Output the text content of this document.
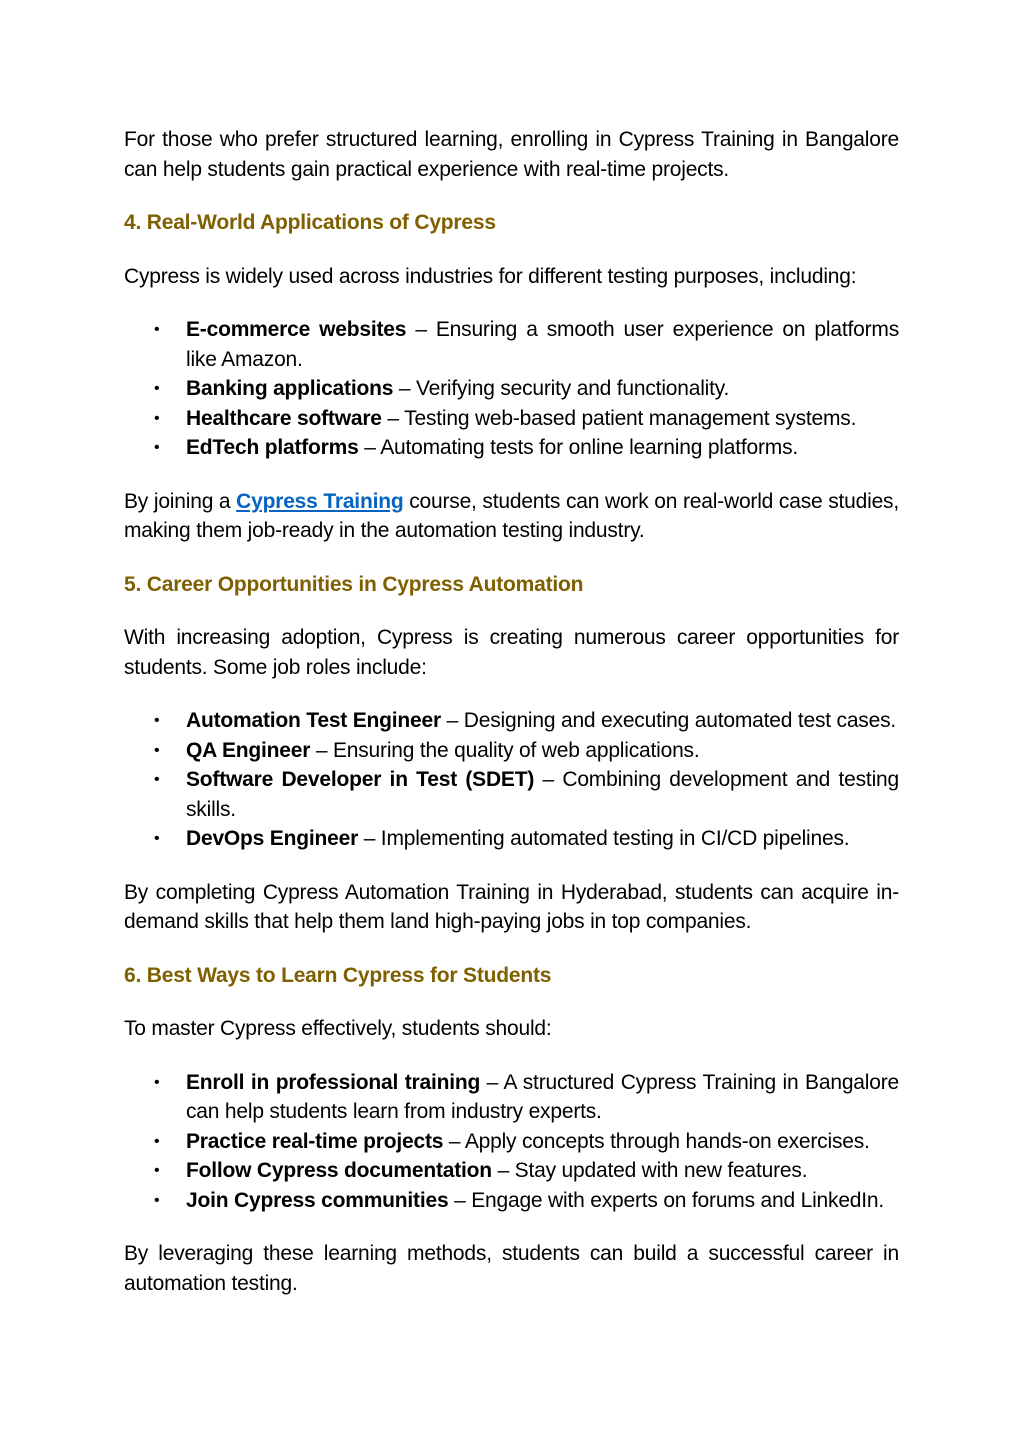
For those who prefer structured learning, enrolling in Cypress Training in Bangalore can help students gain practical experience with real-time projects.

4. Real-World Applications of Cypress

Cypress is widely used across industries for different testing purposes, including:

• E-commerce websites – Ensuring a smooth user experience on platforms like Amazon.
• Banking applications – Verifying security and functionality.
• Healthcare software – Testing web-based patient management systems.
• EdTech platforms – Automating tests for online learning platforms.

By joining a Cypress Training course, students can work on real-world case studies, making them job-ready in the automation testing industry.

5. Career Opportunities in Cypress Automation

With increasing adoption, Cypress is creating numerous career opportunities for students. Some job roles include:

• Automation Test Engineer – Designing and executing automated test cases.
• QA Engineer – Ensuring the quality of web applications.
• Software Developer in Test (SDET) – Combining development and testing skills.
• DevOps Engineer – Implementing automated testing in CI/CD pipelines.

By completing Cypress Automation Training in Hyderabad, students can acquire in-demand skills that help them land high-paying jobs in top companies.

6. Best Ways to Learn Cypress for Students

To master Cypress effectively, students should:

• Enroll in professional training – A structured Cypress Training in Bangalore can help students learn from industry experts.
• Practice real-time projects – Apply concepts through hands-on exercises.
• Follow Cypress documentation – Stay updated with new features.
• Join Cypress communities – Engage with experts on forums and LinkedIn.

By leveraging these learning methods, students can build a successful career in automation testing.
